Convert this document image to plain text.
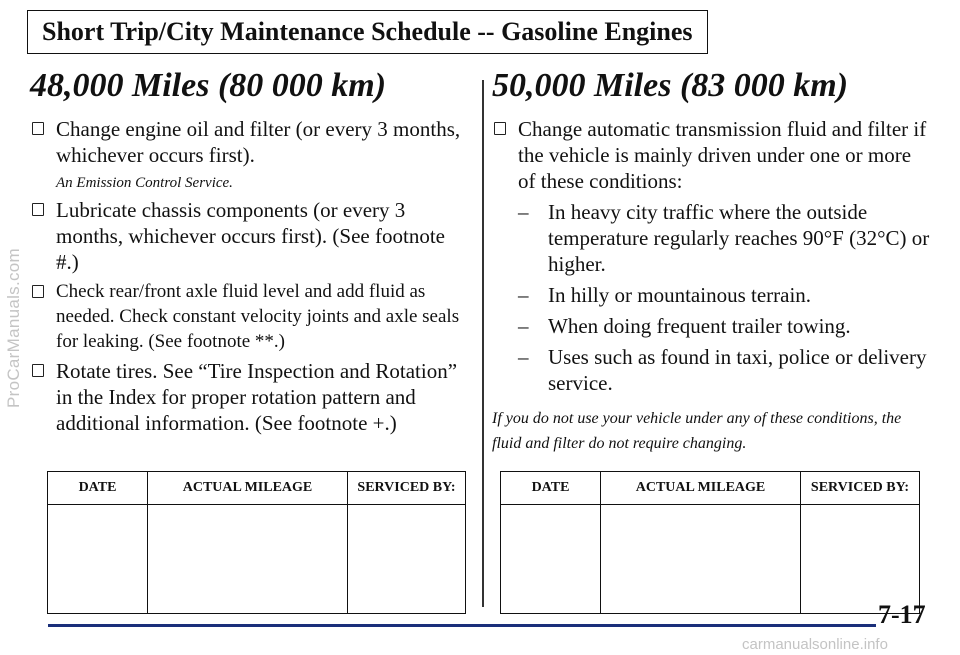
ProCarManuals.com
Short Trip/City Maintenance Schedule -- Gasoline Engines
48,000 Miles (80 000 km)
Change engine oil and filter (or every 3 months, whichever occurs first).
An Emission Control Service.
Lubricate chassis components (or every 3 months, whichever occurs first). (See footnote #.)
Check rear/front axle fluid level and add fluid as needed. Check constant velocity joints and axle seals for leaking. (See footnote **.)
Rotate tires. See “Tire Inspection and Rotation” in the Index for proper rotation pattern and additional information. (See footnote +.)
DATE	ACTUAL MILEAGE	SERVICED BY:

50,000 Miles (83 000 km)
Change automatic transmission fluid and filter if the vehicle is mainly driven under one or more of these conditions:
– In heavy city traffic where the outside temperature regularly reaches 90°F (32°C) or higher.
– In hilly or mountainous terrain.
– When doing frequent trailer towing.
– Uses such as found in taxi, police or delivery service.
If you do not use your vehicle under any of these conditions, the fluid and filter do not require changing.
DATE	ACTUAL MILEAGE	SERVICED BY:

7-17
carmanualsonline.info
